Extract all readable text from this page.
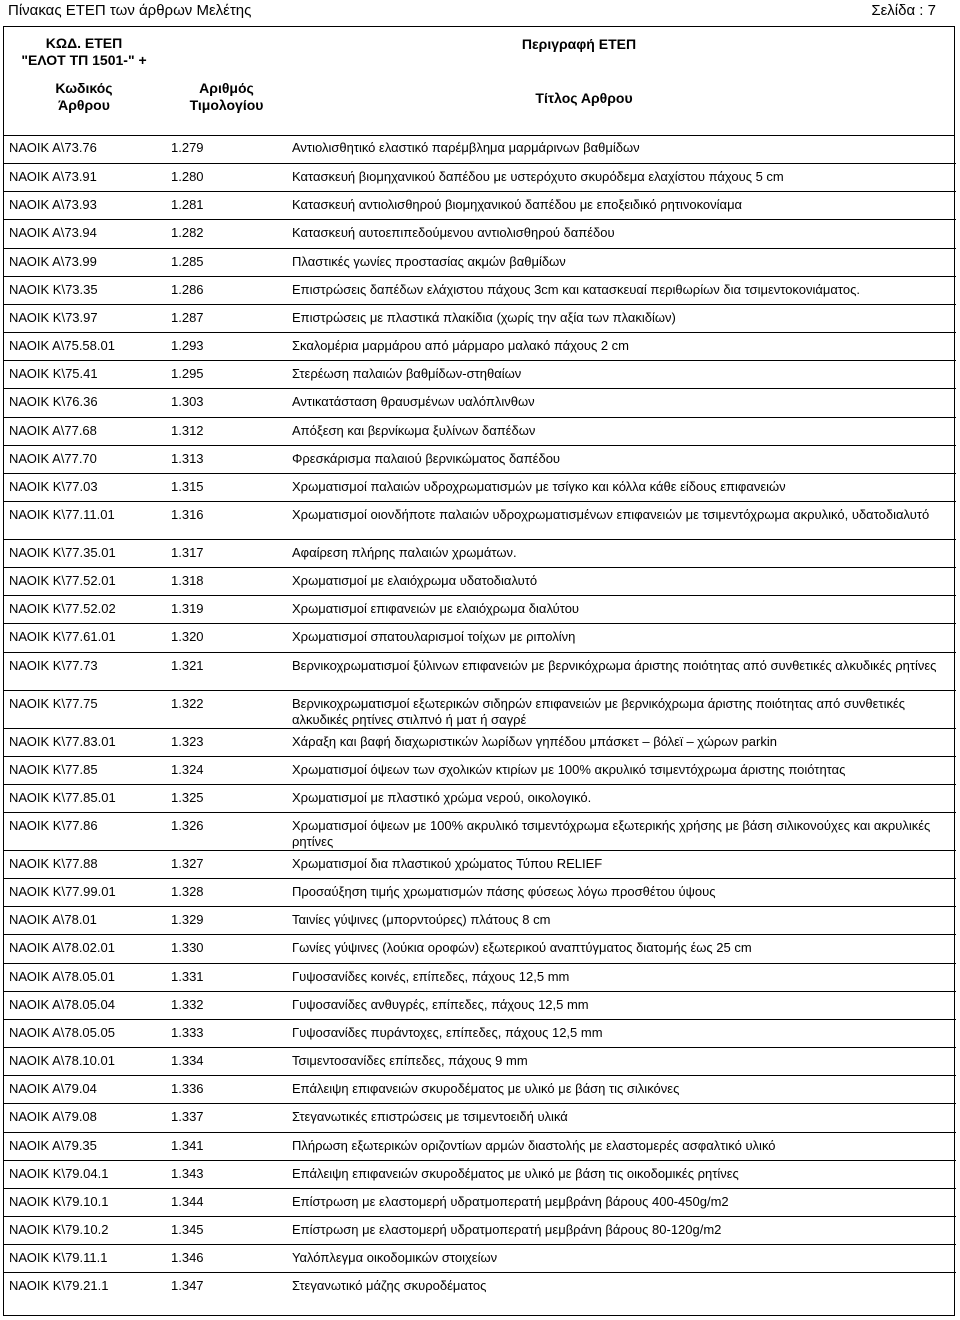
Πίνακας ΕΤΕΠ των άρθρων Μελέτης	Σελίδα : 7
ΚΩΔ. ΕΤΕΠ
"ΕΛΟΤ ΤΠ 1501-" +
Περιγραφή ΕΤΕΠ
Κωδικός
Άρθρου
Αριθμός
Τιμολογίου	Τίτλος Αρθρου
ΝΑΟΙΚ Α\73.76	1.279	Αντιολισθητικό ελαστικό παρέμβλημα μαρμάρινων βαθμίδων
ΝΑΟΙΚ Α\73.91	1.280	Κατασκευή βιομηχανικού δαπέδου με υστερόχυτο σκυρόδεμα ελαχίστου πάχους 5 cm
ΝΑΟΙΚ Α\73.93	1.281	Κατασκευή αντιολισθηρού βιομηχανικού δαπέδου με εποξειδικό ρητινοκονίαμα
ΝΑΟΙΚ Α\73.94	1.282	Κατασκευή αυτοεπιπεδούμενου αντιολισθηρού δαπέδου
ΝΑΟΙΚ Α\73.99	1.285	Πλαστικές γωνίες προστασίας ακμών βαθμίδων
ΝΑΟΙΚ Κ\73.35	1.286	Επιστρώσεις δαπέδων ελάχιστου πάχους 3cm και κατασκευαί περιθωρίων δια τσιμεντοκονιάματος.
ΝΑΟΙΚ Κ\73.97	1.287	Επιστρώσεις με πλαστικά πλακίδια (χωρίς την αξία των πλακιδίων)
ΝΑΟΙΚ Α\75.58.01	1.293	Σκαλομέρια μαρμάρου από μάρμαρο μαλακό πάχους 2 cm
ΝΑΟΙΚ Κ\75.41	1.295	Στερέωση παλαιών βαθμίδων-στηθαίων
ΝΑΟΙΚ Κ\76.36	1.303	Αντικατάσταση θραυσμένων υαλόπλινθων
ΝΑΟΙΚ Α\77.68	1.312	Απόξεση και βερνίκωμα ξυλίνων δαπέδων
ΝΑΟΙΚ Α\77.70	1.313	Φρεσκάρισμα παλαιού βερνικώματος δαπέδου
ΝΑΟΙΚ Κ\77.03	1.315	Χρωματισμοί παλαιών υδροχρωματισμών με τσίγκο και κόλλα κάθε είδους επιφανειών
ΝΑΟΙΚ Κ\77.11.01	1.316	Χρωματισμοί οιονδήποτε παλαιών υδροχρωματισμένων επιφανειών με τσιμεντόχρωμα ακρυλικό, υδατοδιαλυτό
ΝΑΟΙΚ Κ\77.35.01	1.317	Αφαίρεση πλήρης παλαιών χρωμάτων.
ΝΑΟΙΚ Κ\77.52.01	1.318	Χρωματισμοί με ελαιόχρωμα υδατοδιαλυτό
ΝΑΟΙΚ Κ\77.52.02	1.319	Χρωματισμοί επιφανειών με ελαιόχρωμα διαλύτου
ΝΑΟΙΚ Κ\77.61.01	1.320	Χρωματισμοί σπατουλαρισμοί τοίχων με ριπολίνη
ΝΑΟΙΚ Κ\77.73	1.321	Βερνικοχρωματισμοί ξύλινων επιφανειών με βερνικόχρωμα άριστης ποιότητας από συνθετικές αλκυδικές ρητίνες
ΝΑΟΙΚ Κ\77.75	1.322	Βερνικοχρωματισμοί εξωτερικών σιδηρών επιφανειών με βερνικόχρωμα άριστης ποιότητας από συνθετικές αλκυδικές ρητίνες στιλπνό ή ματ ή σαγρέ
ΝΑΟΙΚ Κ\77.83.01	1.323	Χάραξη και βαφή διαχωριστικών λωρίδων γηπέδου μπάσκετ – βόλεϊ – χώρων parkin
ΝΑΟΙΚ Κ\77.85	1.324	Χρωματισμοί όψεων των σχολικών κτιρίων με 100% ακρυλικό τσιμεντόχρωμα άριστης ποιότητας
ΝΑΟΙΚ Κ\77.85.01	1.325	Χρωματισμοί με πλαστικό χρώμα νερού, οικολογικό.
ΝΑΟΙΚ Κ\77.86	1.326	Χρωματισμοί όψεων με 100% ακρυλικό τσιμεντόχρωμα εξωτερικής χρήσης με βάση σιλικονούχες και ακρυλικές ρητίνες
ΝΑΟΙΚ Κ\77.88	1.327	Χρωματισμοί δια πλαστικού χρώματος Τύπου RELIEF
ΝΑΟΙΚ Κ\77.99.01	1.328	Προσαύξηση τιμής χρωματισμών πάσης φύσεως λόγω προσθέτου ύψους
ΝΑΟΙΚ Α\78.01	1.329	Ταινίες γύψινες (μπορντούρες) πλάτους 8 cm
ΝΑΟΙΚ Α\78.02.01	1.330	Γωνίες γύψινες (λούκια οροφών) εξωτερικού αναπτύγματος διατομής έως 25 cm
ΝΑΟΙΚ Α\78.05.01	1.331	Γυψοσανίδες κοινές, επίπεδες, πάχους 12,5 mm
ΝΑΟΙΚ Α\78.05.04	1.332	Γυψοσανίδες ανθυγρές, επίπεδες, πάχους 12,5 mm
ΝΑΟΙΚ Α\78.05.05	1.333	Γυψοσανίδες πυράντοχες, επίπεδες, πάχους 12,5 mm
ΝΑΟΙΚ Α\78.10.01	1.334	Τσιμεντοσανίδες επίπεδες, πάχους 9 mm
ΝΑΟΙΚ Α\79.04	1.336	Επάλειψη επιφανειών σκυροδέματος με υλικό με βάση τις σιλικόνες
ΝΑΟΙΚ Α\79.08	1.337	Στεγανωτικές επιστρώσεις με τσιμεντοειδή υλικά
ΝΑΟΙΚ Α\79.35	1.341	Πλήρωση εξωτερικών οριζοντίων αρμών διαστολής με ελαστομερές ασφαλτικό υλικό
ΝΑΟΙΚ Κ\79.04.1	1.343	Επάλειψη επιφανειών σκυροδέματος με υλικό με βάση τις οικοδομικές ρητίνες
ΝΑΟΙΚ Κ\79.10.1	1.344	Επίστρωση με ελαστομερή υδρατμοπερατή μεμβράνη βάρους 400-450g/m2
ΝΑΟΙΚ Κ\79.10.2	1.345	Επίστρωση με ελαστομερή υδρατμοπερατή μεμβράνη βάρους 80-120g/m2
ΝΑΟΙΚ Κ\79.11.1	1.346	Υαλόπλεγμα οικοδομικών στοιχείων
ΝΑΟΙΚ Κ\79.21.1	1.347	Στεγανωτικό μάζης σκυροδέματος
